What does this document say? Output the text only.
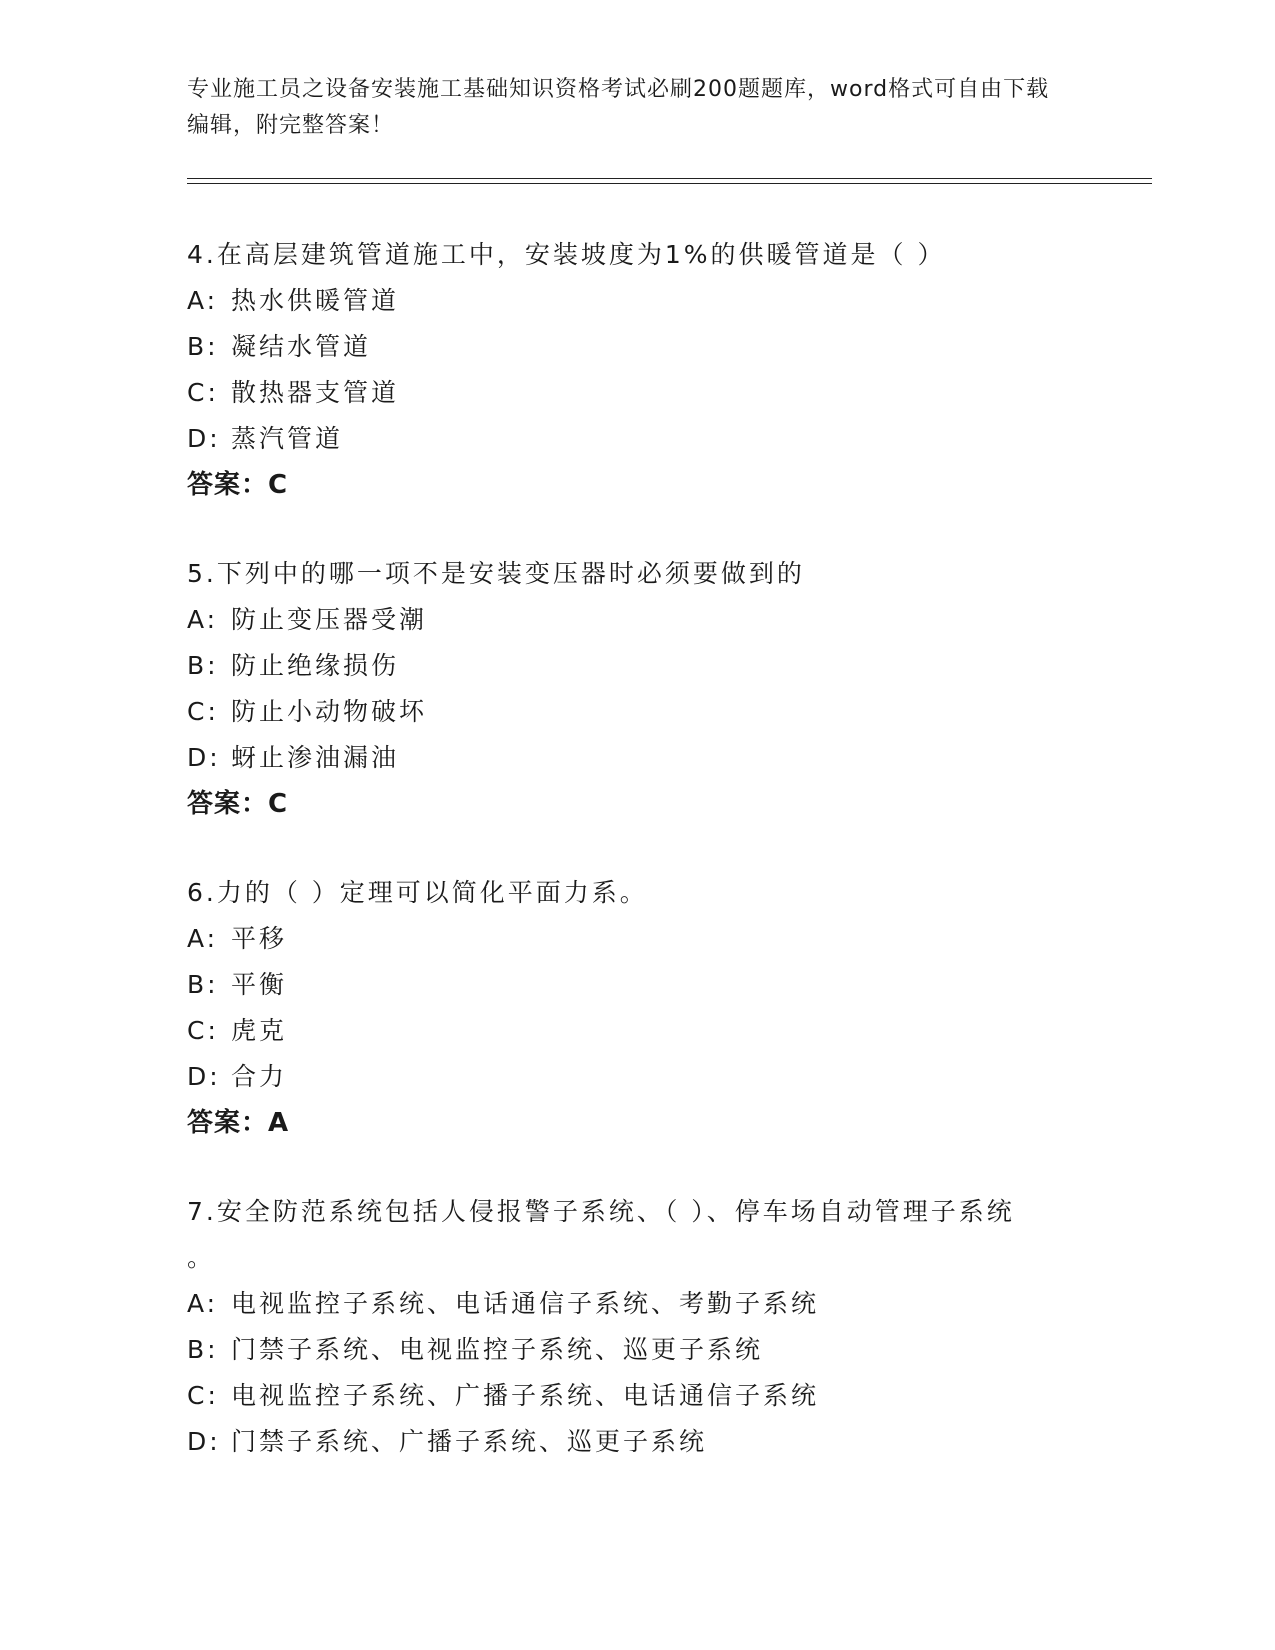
专业施工员之设备安装施工基础知识资格考试必刷200题题库，word格式可自由下载编辑，附完整答案！
4.在高层建筑管道施工中，安装坡度为1%的供暖管道是（ ）
A: 热水供暖管道
B: 凝结水管道
C: 散热器支管道
D: 蒸汽管道
答案：C
5.下列中的哪一项不是安装变压器时必须要做到的
A: 防止变压器受潮
B: 防止绝缘损伤
C: 防止小动物破坏
D: 蚜止渗油漏油
答案：C
6.力的（ ）定理可以简化平面力系。
A: 平移
B: 平衡
C: 虎克
D: 合力
答案：A
7.安全防范系统包括人侵报警子系统、（ ）、停车场自动管理子系统
。
A: 电视监控子系统、电话通信子系统、考勤子系统
B: 门禁子系统、电视监控子系统、巡更子系统
C: 电视监控子系统、广播子系统、电话通信子系统
D: 门禁子系统、广播子系统、巡更子系统
